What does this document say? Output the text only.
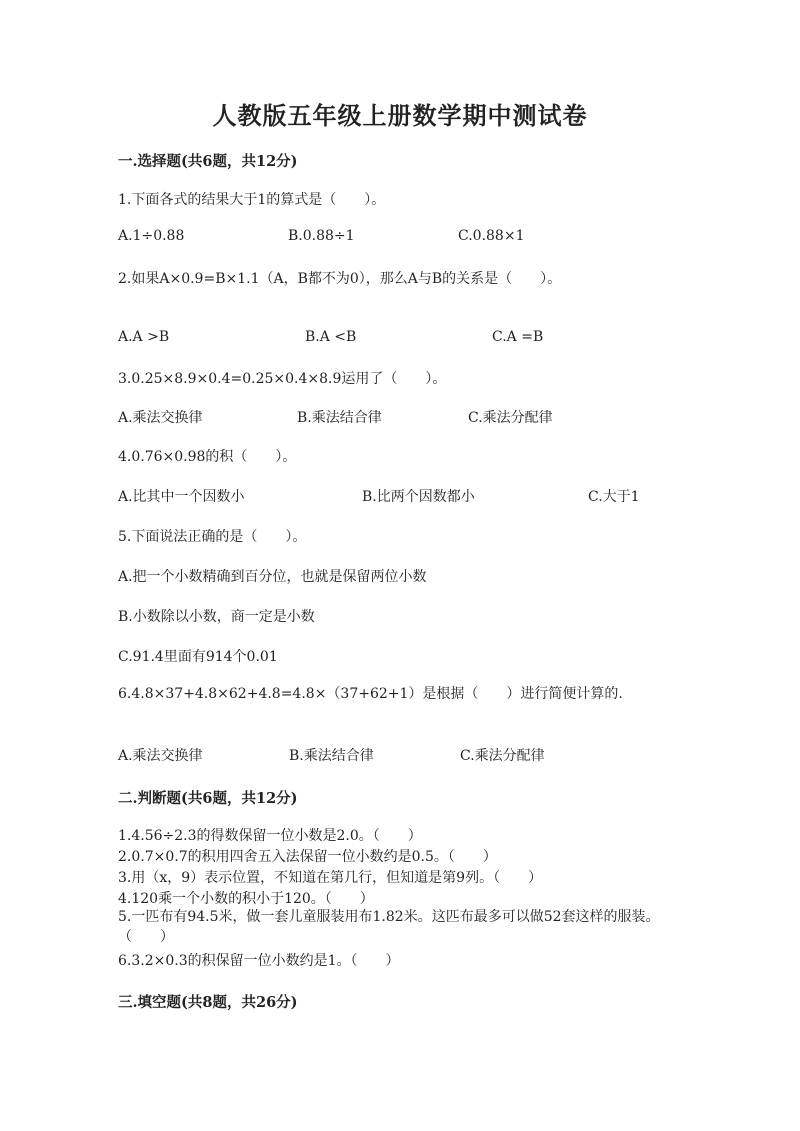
人教版五年级上册数学期中测试卷
一.选择题(共6题，共12分)
1.下面各式的结果大于1的算式是（　　）。
A.1÷0.88	B.0.88÷1	C.0.88×1
2.如果A×0.9=B×1.1（A，B都不为0），那么A与B的关系是（　　）。
A.A >B	B.A <B	C.A =B
3.0.25×8.9×0.4=0.25×0.4×8.9运用了（　　）。
A.乘法交换律	B.乘法结合律	C.乘法分配律
4.0.76×0.98的积（　　）。
A.比其中一个因数小	B.比两个因数都小	C.大于1
5.下面说法正确的是（　　）。
A.把一个小数精确到百分位，也就是保留两位小数
B.小数除以小数，商一定是小数
C.91.4里面有914个0.01
6.4.8×37+4.8×62+4.8=4.8×（37+62+1）是根据（　　）进行简便计算的.
A.乘法交换律	B.乘法结合律	C.乘法分配律
二.判断题(共6题，共12分)
1.4.56÷2.3的得数保留一位小数是2.0。（　　）
2.0.7×0.7的积用四舍五入法保留一位小数约是0.5。（　　）
3.用（x，9）表示位置，不知道在第几行，但知道是第9列。（　　）
4.120乘一个小数的积小于120。（　　）
5.一匹布有94.5米，做一套儿童服装用布1.82米。这匹布最多可以做52套这样的服装。（　　）
6.3.2×0.3的积保留一位小数约是1。（　　）
三.填空题(共8题，共26分)
